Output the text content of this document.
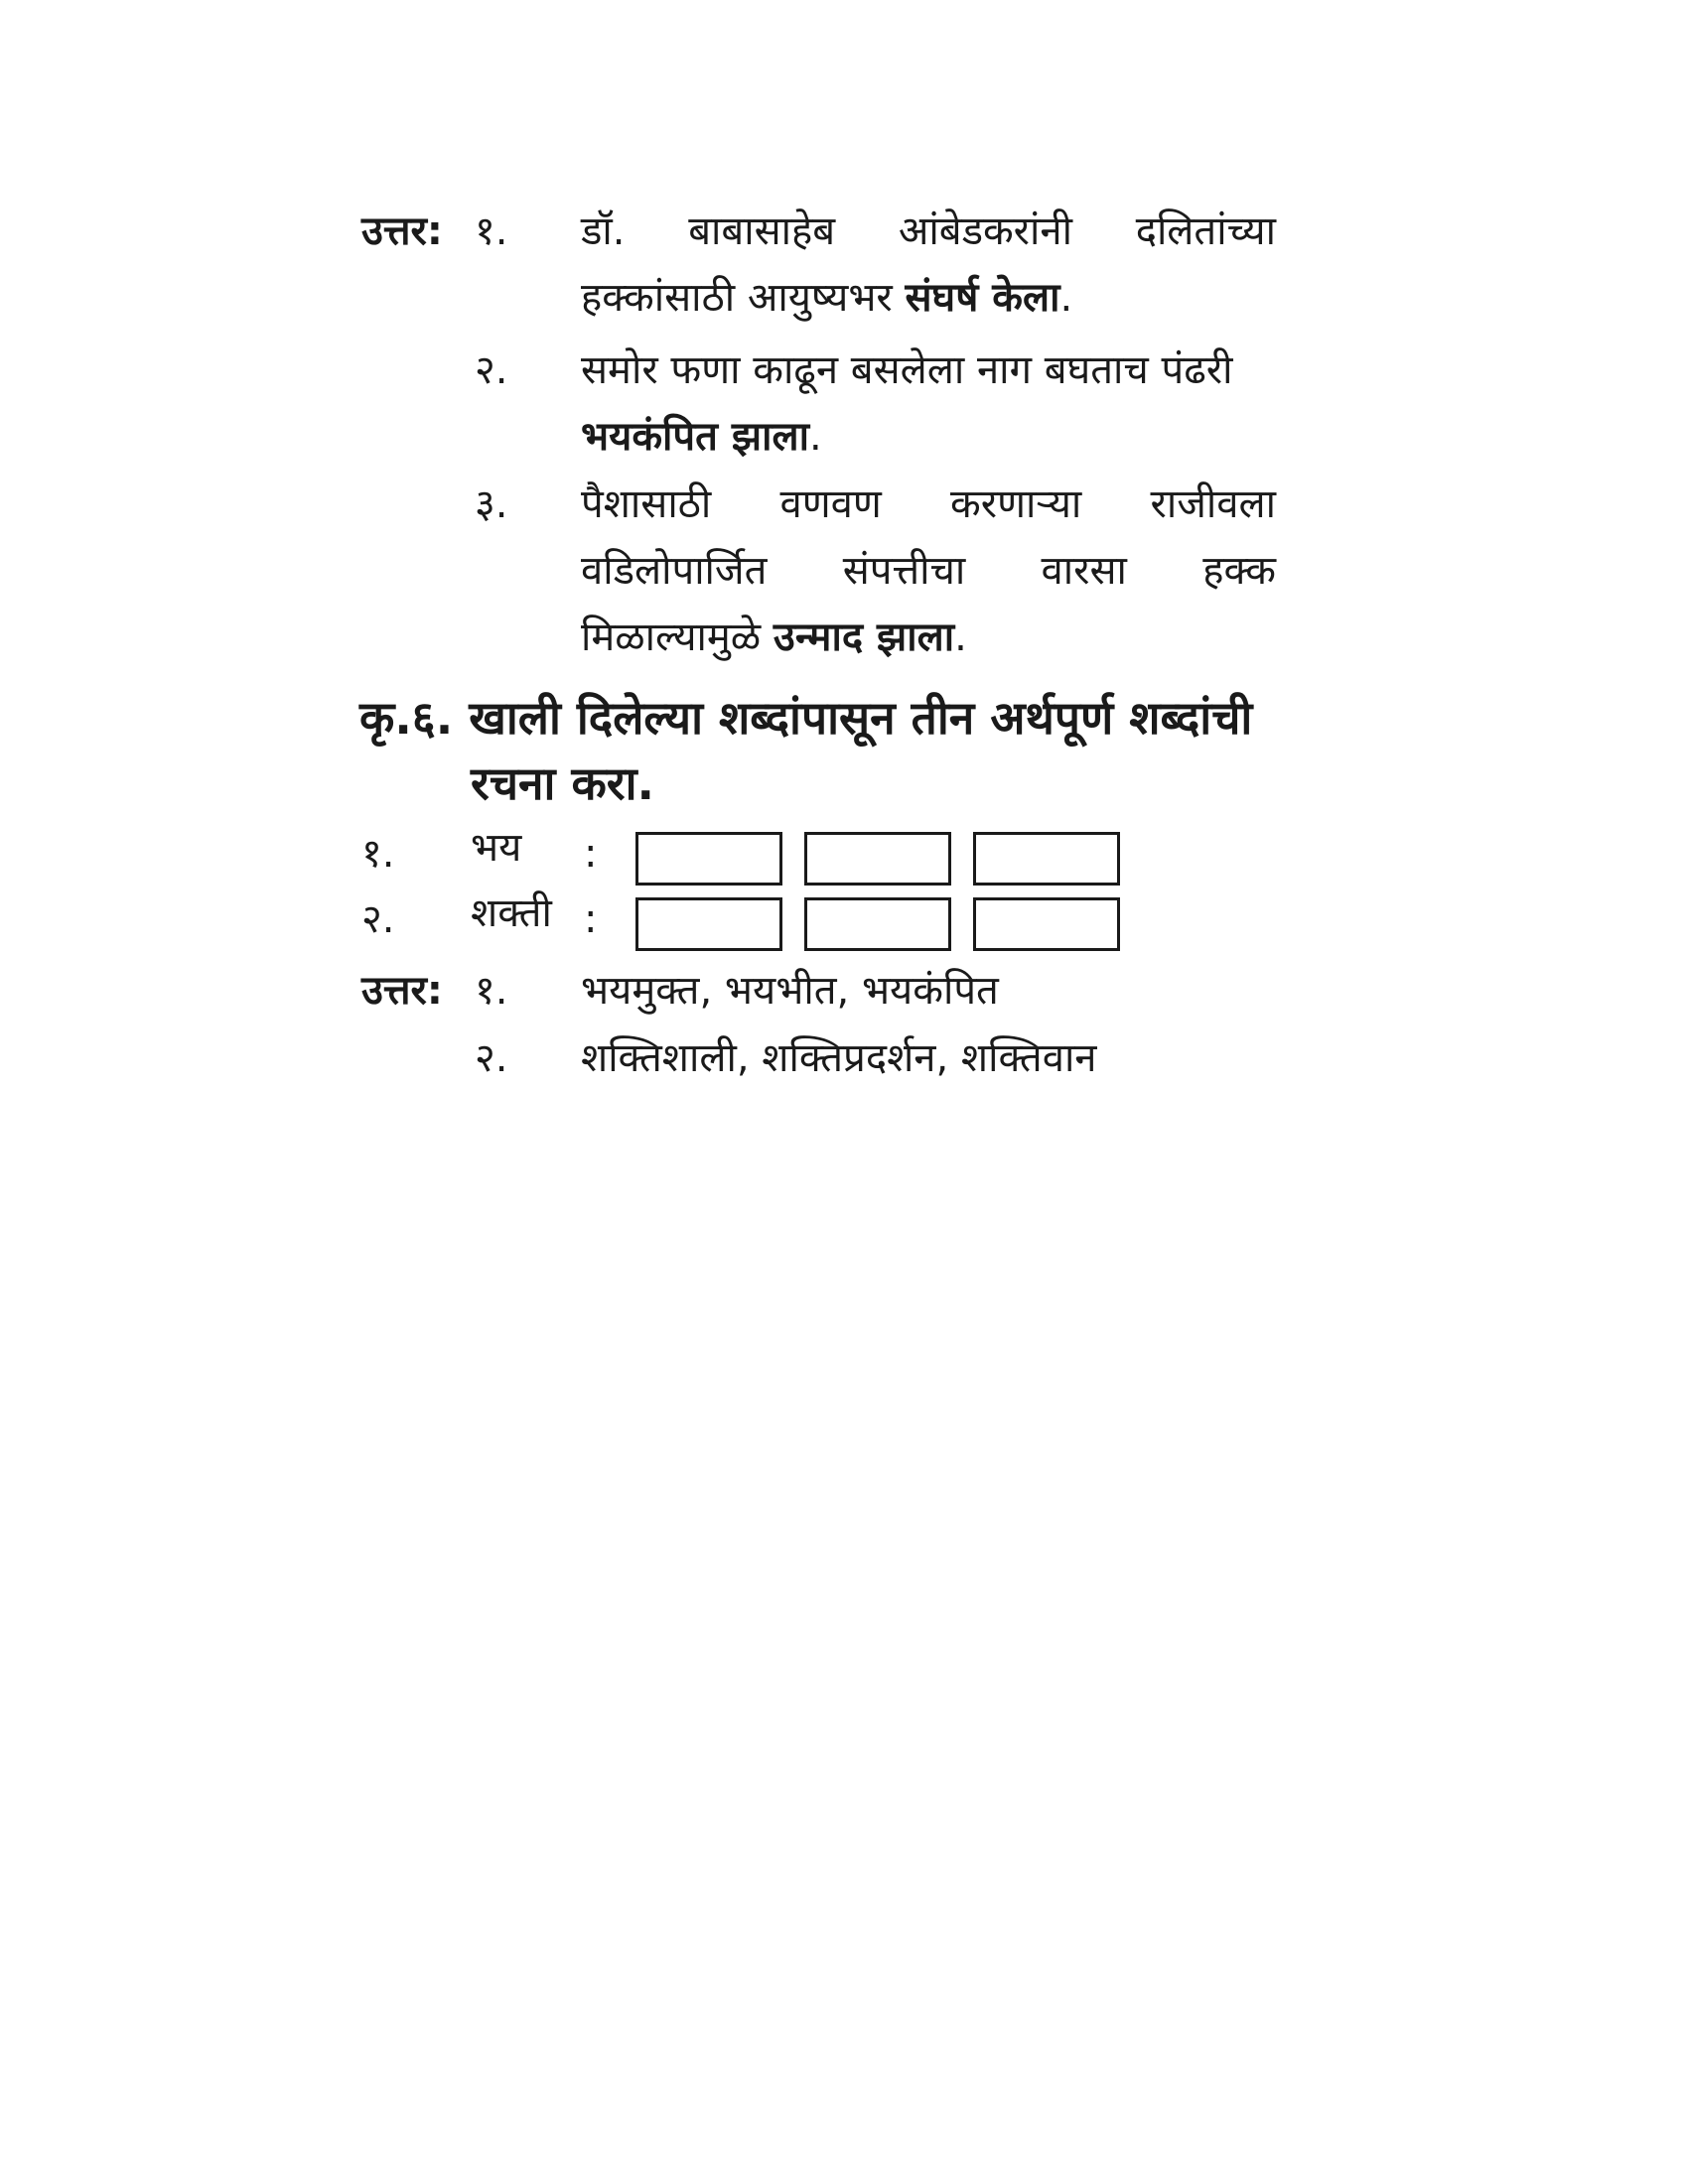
उत्तर: १. डॉ. बाबासाहेब आंबेडकरांनी दलितांच्या
हक्कांसाठी आयुष्यभर संघर्ष केला.
२. समोर फणा काढून बसलेला नाग बघताच पंढरी
भयकंपित झाला.
३. पैशासाठी वणवण करणाऱ्या राजीवला
वडिलोपार्जित संपत्तीचा वारसा हक्क
मिळाल्यामुळे उन्माद झाला.
कृ.६. खाली दिलेल्या शब्दांपासून तीन अर्थपूर्ण शब्दांची
रचना करा.
१. भय :
२. शक्ती :
उत्तर: १. भयमुक्त, भयभीत, भयकंपित
२. शक्तिशाली, शक्तिप्रदर्शन, शक्तिवान
